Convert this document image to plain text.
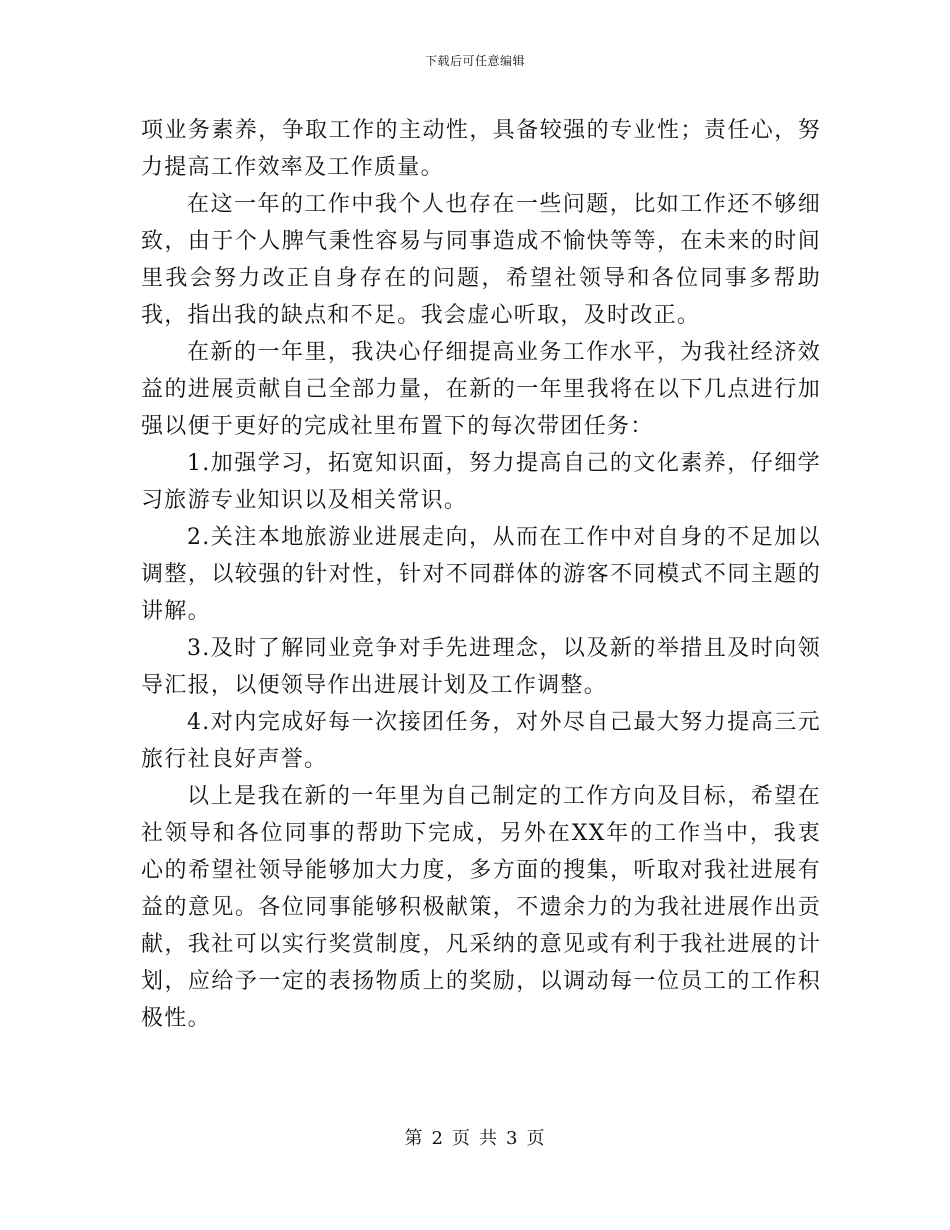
下载后可任意编辑

项业务素养，争取工作的主动性，具备较强的专业性；责任心，努力提高工作效率及工作质量。

在这一年的工作中我个人也存在一些问题，比如工作还不够细致，由于个人脾气秉性容易与同事造成不愉快等等，在未来的时间里我会努力改正自身存在的问题，希望社领导和各位同事多帮助我，指出我的缺点和不足。我会虚心听取，及时改正。

在新的一年里，我决心仔细提高业务工作水平，为我社经济效益的进展贡献自己全部力量，在新的一年里我将在以下几点进行加强以便于更好的完成社里布置下的每次带团任务：

1.加强学习，拓宽知识面，努力提高自己的文化素养，仔细学习旅游专业知识以及相关常识。

2.关注本地旅游业进展走向，从而在工作中对自身的不足加以调整，以较强的针对性，针对不同群体的游客不同模式不同主题的讲解。

3.及时了解同业竞争对手先进理念，以及新的举措且及时向领导汇报，以便领导作出进展计划及工作调整。

4.对内完成好每一次接团任务，对外尽自己最大努力提高三元旅行社良好声誉。

以上是我在新的一年里为自己制定的工作方向及目标，希望在社领导和各位同事的帮助下完成，另外在XX年的工作当中，我衷心的希望社领导能够加大力度，多方面的搜集，听取对我社进展有益的意见。各位同事能够积极献策，不遗余力的为我社进展作出贡献，我社可以实行奖赏制度，凡采纳的意见或有利于我社进展的计划，应给予一定的表扬物质上的奖励，以调动每一位员工的工作积极性。

第 2 页 共 3 页
